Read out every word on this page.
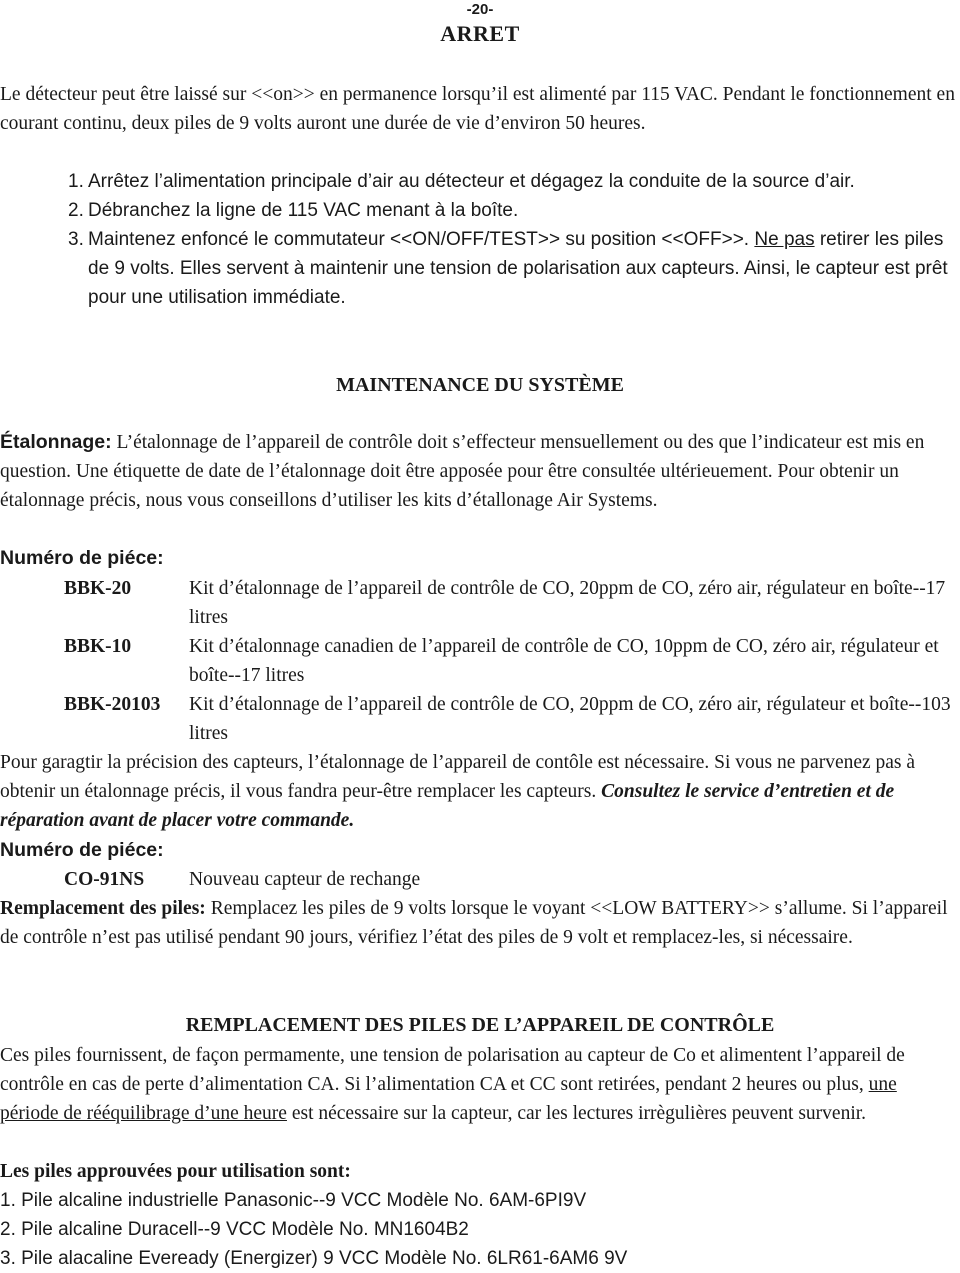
-20-
ARRET

Le détecteur peut être laissé sur <<on>> en permanence lorsqu’il est alimenté par 115 VAC. Pendant le fonctionnement en courant continu, deux piles de 9 volts auront une durée de vie d’environ 50 heures.

1. Arrêtez l’alimentation principale d’air au détecteur et dégagez la conduite de la source d’air.
2. Débranchez la ligne de 115 VAC menant à la boîte.
3. Maintenez enfoncé le commutateur <<ON/OFF/TEST>> su position <<OFF>>. Ne pas retirer les piles de 9 volts. Elles servent à maintenir une tension de polarisation aux capteurs. Ainsi, le capteur est prêt pour une utilisation immédiate.
MAINTENANCE DU SYSTÈME

Étalonnage: L’étalonnage de l’appareil de contrôle doit s’effecteur mensuellement ou des que l’indicateur est mis en question. Une étiquette de date de l’étalonnage doit être apposée pour être consultée ultérieuement. Pour obtenir un étalonnage précis, nous vous conseillons d’utiliser les kits d’étallonage Air Systems.

Numéro de piéce:

BBK-20	Kit d’étalonnage de l’appareil de contrôle de CO, 20ppm de CO, zéro air, régulateur en boîte--17 litres
BBK-10	Kit d’étalonnage canadien de l’appareil de contrôle de CO, 10ppm de CO, zéro air, régulateur et boîte--17 litres
BBK-20103	Kit d’étalonnage de l’appareil de contrôle de CO, 20ppm de CO, zéro air, régulateur et boîte--103 litres

Pour garagtir la précision des capteurs, l’étalonnage de l’appareil de contôle est nécessaire. Si vous ne parvenez pas à obtenir un étalonnage précis, il vous fandra peur-être remplacer les capteurs. Consultez le service d’entretien et de réparation avant de placer votre commande.

Numéro de piéce:

CO-91NS	Nouveau capteur de rechange

Remplacement des piles: Remplacez les piles de 9 volts lorsque le voyant <<LOW BATTERY>> s’allume. Si l’appareil de contrôle n’est pas utilisé pendant 90 jours, vérifiez l’état des piles de 9 volt et remplacez-les, si nécessaire.

REMPLACEMENT DES PILES DE L’APPAREIL DE CONTRÔLE

Ces piles fournissent, de façon permamente, une tension de polarisation au capteur de Co et alimentent l’appareil de contrôle en cas de perte d’alimentation CA. Si l’alimentation CA et CC sont retirées, pendant 2 heures ou plus, une période de rééquilibrage d’une heure est nécessaire sur la capteur, car les lectures irrègulières peuvent survenir.

Les piles approuvées pour utilisation sont:

1. Pile alcaline industrielle Panasonic--9 VCC Modèle No. 6AM-6PI9V
2. Pile alcaline Duracell--9 VCC Modèle No. MN1604B2
3. Pile alacaline Eveready (Energizer) 9 VCC Modèle No. 6LR61-6AM6 9V
